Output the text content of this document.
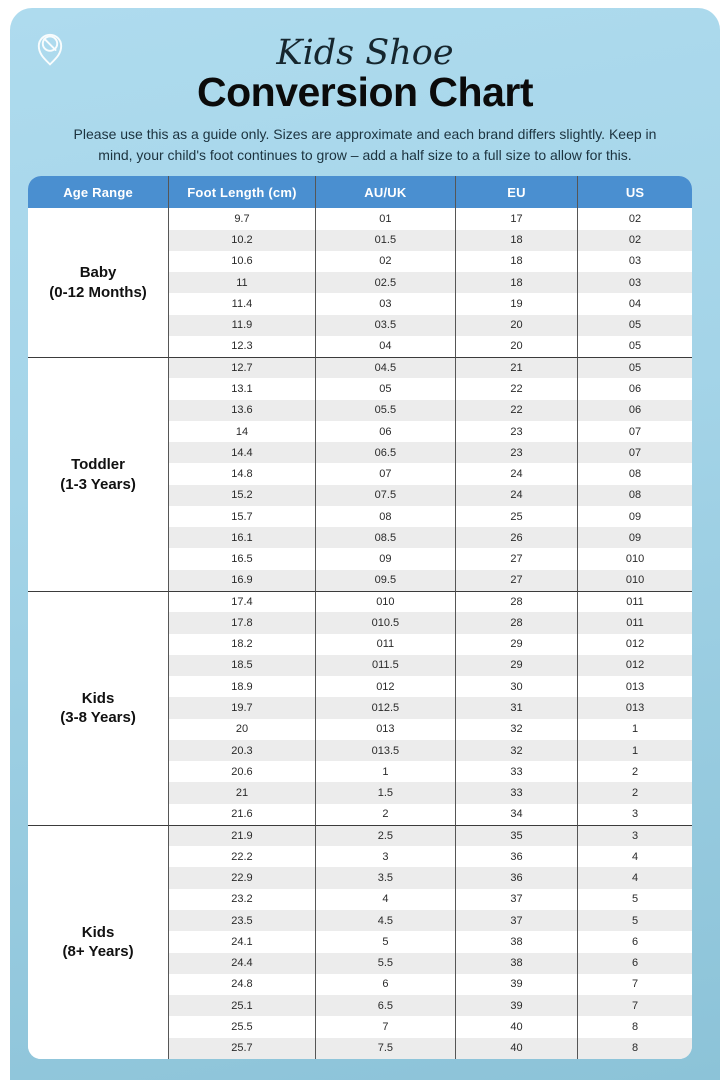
Kids Shoe
Conversion Chart

Please use this as a guide only. Sizes are approximate and each brand differs slightly. Keep in mind, your child's foot continues to grow – add a half size to a full size to allow for this.

Age Range	Foot Length (cm)	AU/UK	EU	US

Baby
(0-12 Months)	9.7	01	17	02
	10.2	01.5	18	02
	10.6	02	18	03
	11	02.5	18	03
	11.4	03	19	04
	11.9	03.5	20	05
	12.3	04	20	05

Toddler
(1-3 Years)	12.7	04.5	21	05
	13.1	05	22	06
	13.6	05.5	22	06
	14	06	23	07
	14.4	06.5	23	07
	14.8	07	24	08
	15.2	07.5	24	08
	15.7	08	25	09
	16.1	08.5	26	09
	16.5	09	27	010
	16.9	09.5	27	010

Kids
(3-8 Years)	17.4	010	28	011
	17.8	010.5	28	011
	18.2	011	29	012
	18.5	011.5	29	012
	18.9	012	30	013
	19.7	012.5	31	013
	20	013	32	1
	20.3	013.5	32	1
	20.6	1	33	2
	21	1.5	33	2
	21.6	2	34	3

Kids
(8+ Years)	21.9	2.5	35	3
	22.2	3	36	4
	22.9	3.5	36	4
	23.2	4	37	5
	23.5	4.5	37	5
	24.1	5	38	6
	24.4	5.5	38	6
	24.8	6	39	7
	25.1	6.5	39	7
	25.5	7	40	8
	25.7	7.5	40	8
